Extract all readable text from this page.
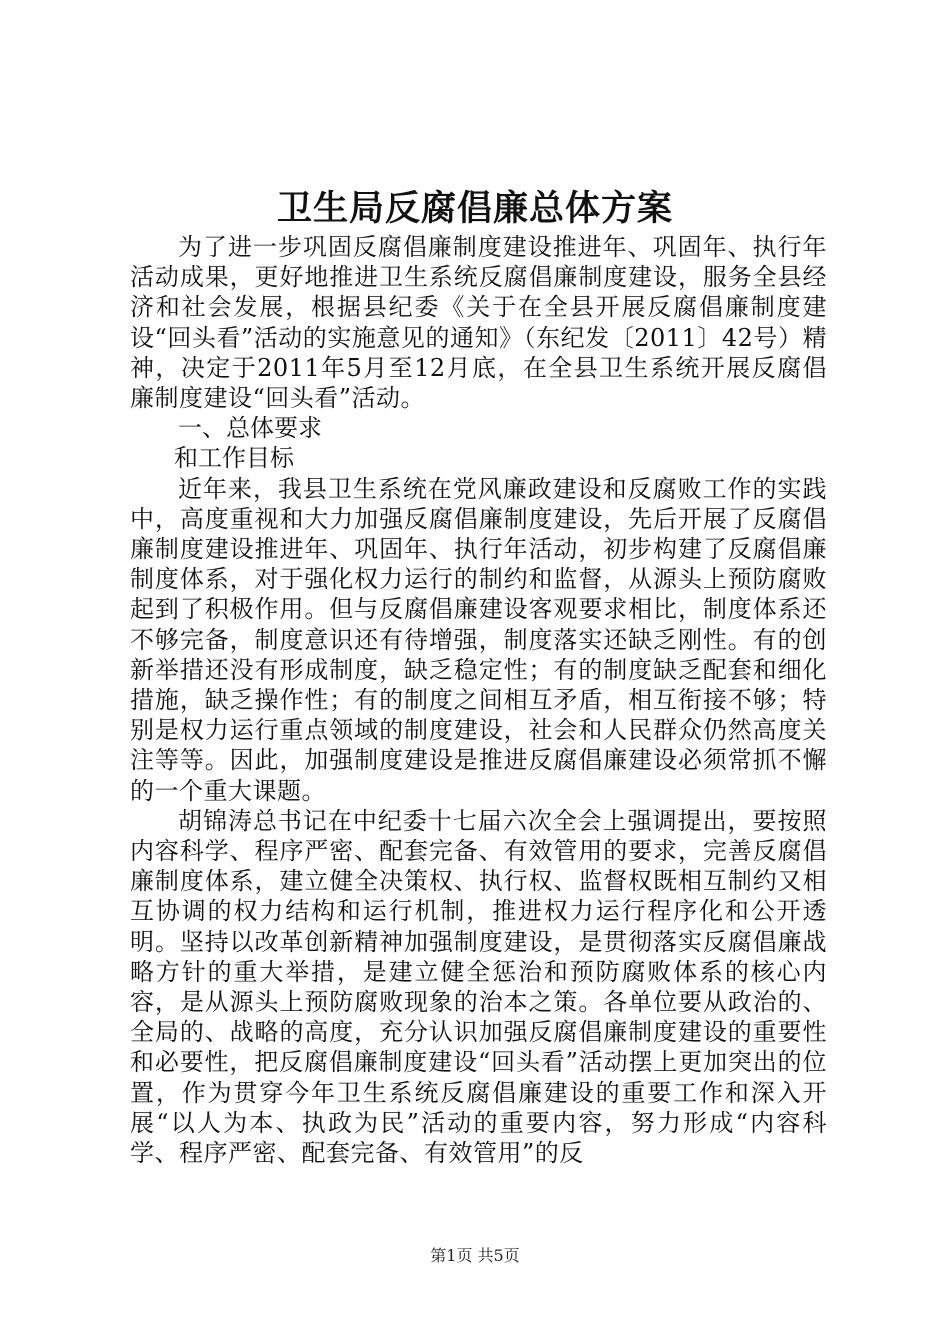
卫生局反腐倡廉总体方案

为了进一步巩固反腐倡廉制度建设推进年、巩固年、执行年活动成果，更好地推进卫生系统反腐倡廉制度建设，服务全县经济和社会发展，根据县纪委《关于在全县开展反腐倡廉制度建设“回头看”活动的实施意见的通知》（东纪发〔2011〕42号）精神，决定于2011年5月至12月底，在全县卫生系统开展反腐倡廉制度建设“回头看”活动。

一、总体要求

和工作目标

近年来，我县卫生系统在党风廉政建设和反腐败工作的实践中，高度重视和大力加强反腐倡廉制度建设，先后开展了反腐倡廉制度建设推进年、巩固年、执行年活动，初步构建了反腐倡廉制度体系，对于强化权力运行的制约和监督，从源头上预防腐败起到了积极作用。但与反腐倡廉建设客观要求相比，制度体系还不够完备，制度意识还有待增强，制度落实还缺乏刚性。有的创新举措还没有形成制度，缺乏稳定性；有的制度缺乏配套和细化措施，缺乏操作性；有的制度之间相互矛盾，相互衔接不够；特别是权力运行重点领域的制度建设，社会和人民群众仍然高度关注等等。因此，加强制度建设是推进反腐倡廉建设必须常抓不懈的一个重大课题。

胡锦涛总书记在中纪委十七届六次全会上强调提出，要按照内容科学、程序严密、配套完备、有效管用的要求，完善反腐倡廉制度体系，建立健全决策权、执行权、监督权既相互制约又相互协调的权力结构和运行机制，推进权力运行程序化和公开透明。坚持以改革创新精神加强制度建设，是贯彻落实反腐倡廉战略方针的重大举措，是建立健全惩治和预防腐败体系的核心内容，是从源头上预防腐败现象的治本之策。各单位要从政治的、全局的、战略的高度，充分认识加强反腐倡廉制度建设的重要性和必要性，把反腐倡廉制度建设“回头看”活动摆上更加突出的位置，作为贯穿今年卫生系统反腐倡廉建设的重要工作和深入开展“以人为本、执政为民”活动的重要内容，努力形成“内容科学、程序严密、配套完备、有效管用”的反

第1页 共5页
